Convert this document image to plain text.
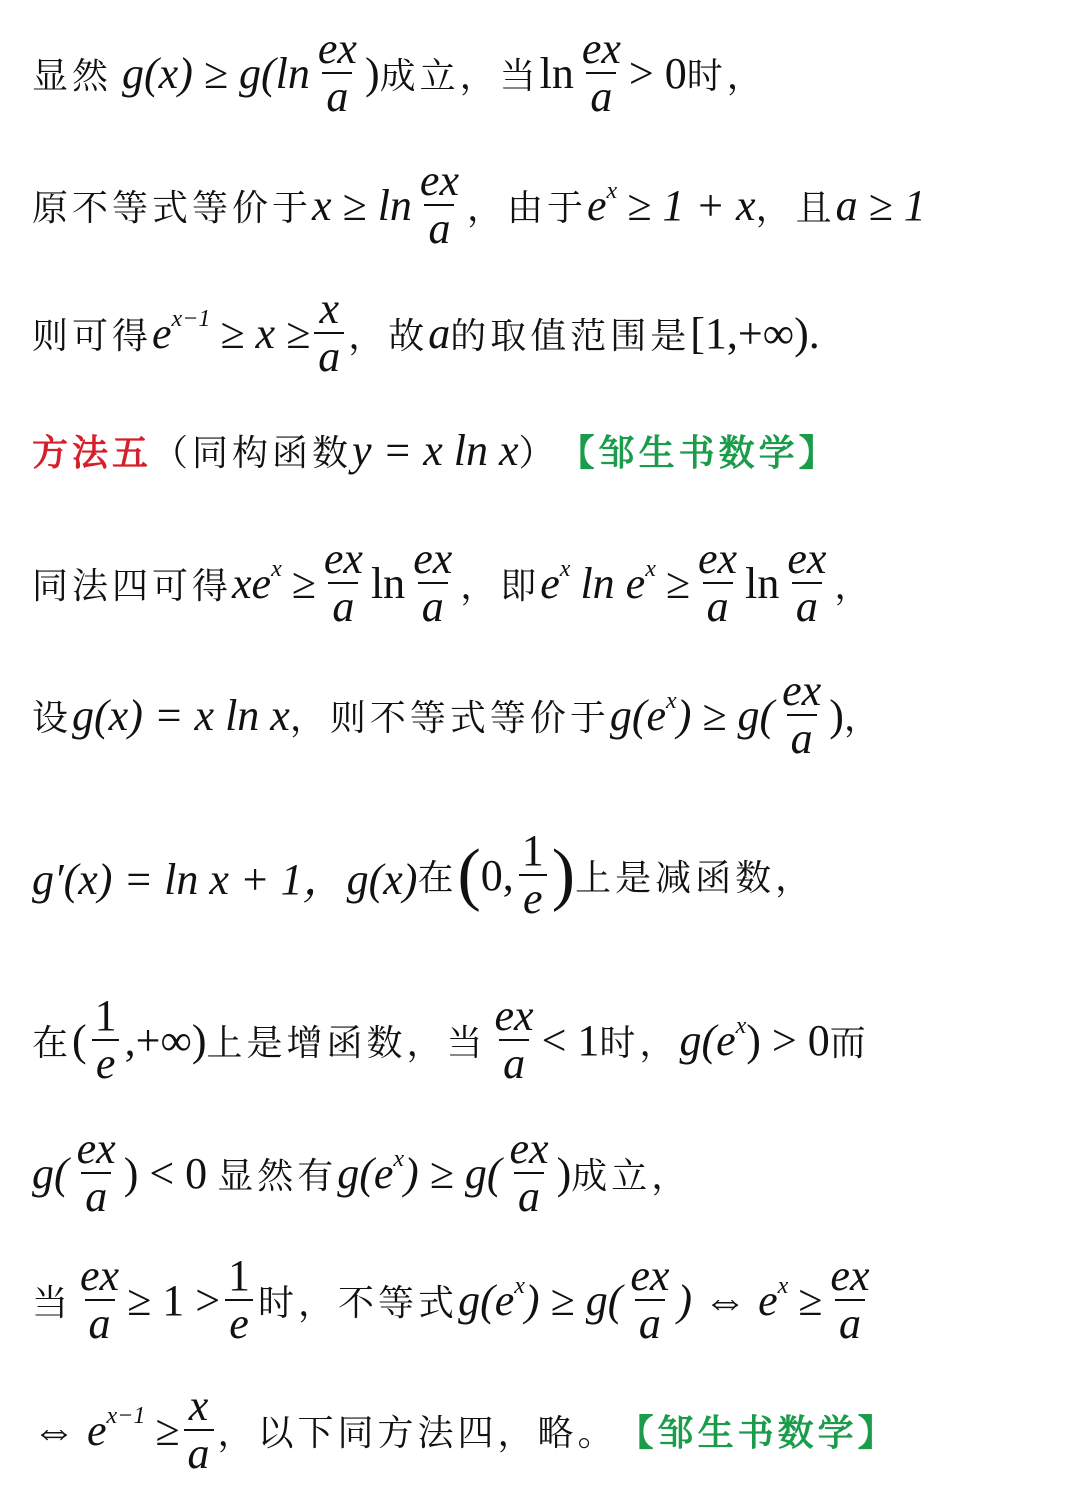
显然 $g(x) \ge g(\ln \frac{ex}{a}$ ) 成立，当 $\ln \frac{ex}{a} > 0$ 时，
原不等式等价于 $x \ge \ln \frac{ex}{a}$ ，由于 $e^x \ge 1 + x$ ，且 a ≥ 1
则可得 $e^{x-1} \ge x \ge \frac{x}{a}$ ，故 a 的取值范围是 [1,+∞).
方法五 （同构函数 y = x ln x ） 【邹生书数学】
同法四可得 $xe^x \ge \frac{ex}{a}$ $\ln \frac{ex}{a}$ ，即 $e^x$ $\ln e^x \ge \frac{ex}{a}$ $\ln \frac{ex}{a}$ ，
设 g(x) = x ln x ，则不等式等价于 $g(e^x$ ) ≥ $g( \frac{ex}{a}$ ) ，
g′(x) = ln x + 1，g(x) 在 ( 0, $\frac{1}{e}$ ) 上是减函数，
在 ( $\frac{1}{e}$ ,+∞) 上是增函数，当 $\frac{ex}{a} < 1$ 时， $g(e^x$ ) > 0 而
$g( \frac{ex}{a}$ ) < 0 显然有 $g(e^x$ ) ≥ $g( \frac{ex}{a}$ ) 成立，
当 $\frac{ex}{a} \ge 1 > \frac{1}{e}$ 时，不等式 $g(e^x$ ) ≥ $g( \frac{ex}{a}$ ) ⇔ $e^x \ge \frac{ex}{a}$
⇔ $e^{x-1} \ge \frac{x}{a}$ ，以下同方法四，略。 【邹生书数学】
